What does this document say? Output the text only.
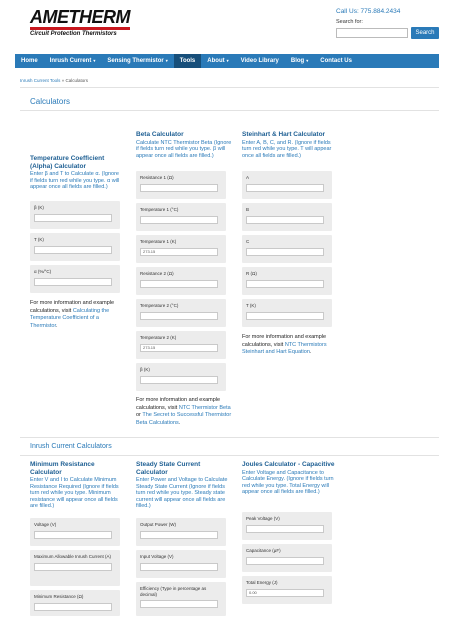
AMETHERM
Circuit Protection Thermistors
Call Us: 775.884.2434
Search for:
Search
Home Inrush Current ▾ Sensing Thermistor ▾ Tools About ▾ Video Library Blog ▾ Contact Us
Inrush Current Tools » Calculators
Calculators
Temperature Coefficient (Alpha) Calculator
Enter β and T to Calculate α. (Ignore if fields turn red while you type. α will appear once all fields are filled.)
β (K)
T (K)
α (%/°C)
For more information and example calculations, visit Calculating the Temperature Coefficient of a Thermistor.
Beta Calculator
Calculate NTC Thermistor Beta (Ignore if fields turn red while you type. β will appear once all fields are filled.)
Resistance 1 (Ω)
Temperature 1 (°C)
Temperature 1 (K)
273.15
Resistance 2 (Ω)
Temperature 2 (°C)
Temperature 2 (K)
273.15
β (K)
For more information and example calculations, visit NTC Thermistor Beta or The Secret to Successful Thermistor Beta Calculations.
Steinhart & Hart Calculator
Enter A, B, C, and R. (Ignore if fields turn red while you type. T will appear once all fields are filled.)
A
B
C
R (Ω)
T (K)
For more information and example calculations, visit NTC Thermistors Steinhart and Hart Equation.
Inrush Current Calculators
Minimum Resistance Calculator
Enter V and I to Calculate Minimum Resistance Required (Ignore if fields turn red while you type. Minimum resistance will appear once all fields are filled.)
Voltage (V)
Maximum Allowable Inrush Current (A)
Minimum Resistance (Ω)
Steady State Current Calculator
Enter Power and Voltage to Calculate Steady State Current (Ignore if fields turn red while you type. Steady state current will appear once all fields are filled.)
Output Power (W)
Input Voltage (V)
Efficiency (Type in percentage as decimal)
Joules Calculator - Capacitive
Enter Voltage and Capacitance to Calculate Energy. (Ignore if fields turn red while you type. Total Energy will appear once all fields are filled.)
Peak Voltage (V)
Capacitance (μF)
Total Energy (J)
0.00
